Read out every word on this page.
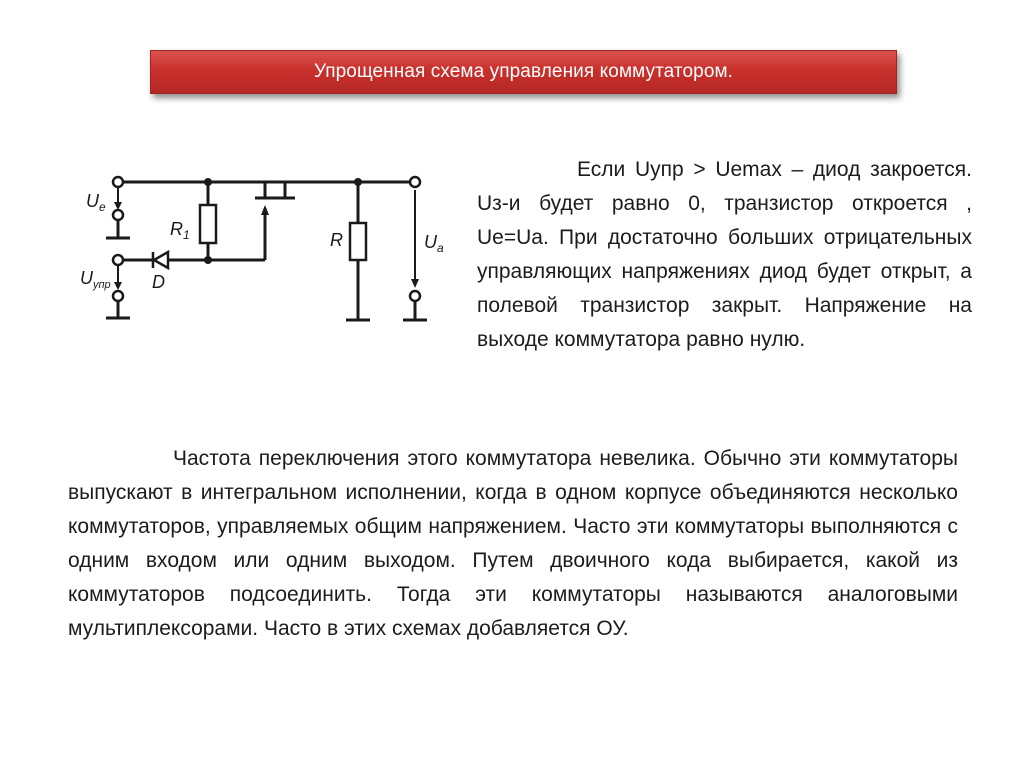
Упрощенная схема управления коммутатором.
$U_e$
$R_1$
D
$U_{упр}$
R	$U_a$

Если Uупр > Uemax – диод закроется. Uз-и будет равно 0, транзистор откроется , Ue=Ua. При достаточно больших отрицательных управляющих напряжениях диод будет открыт, а полевой транзистор закрыт. Напряжение на выходе коммутатора равно нулю.

Частота переключения этого коммутатора невелика. Обычно эти коммутаторы выпускают в интегральном исполнении, когда в одном корпусе объединяются несколько коммутаторов, управляемых общим напряжением. Часто эти коммутаторы выполняются с одним входом или одним выходом. Путем двоичного кода выбирается, какой из коммутаторов подсоединить. Тогда эти коммутаторы называются аналоговыми мультиплексорами. Часто в этих схемах добавляется ОУ.
